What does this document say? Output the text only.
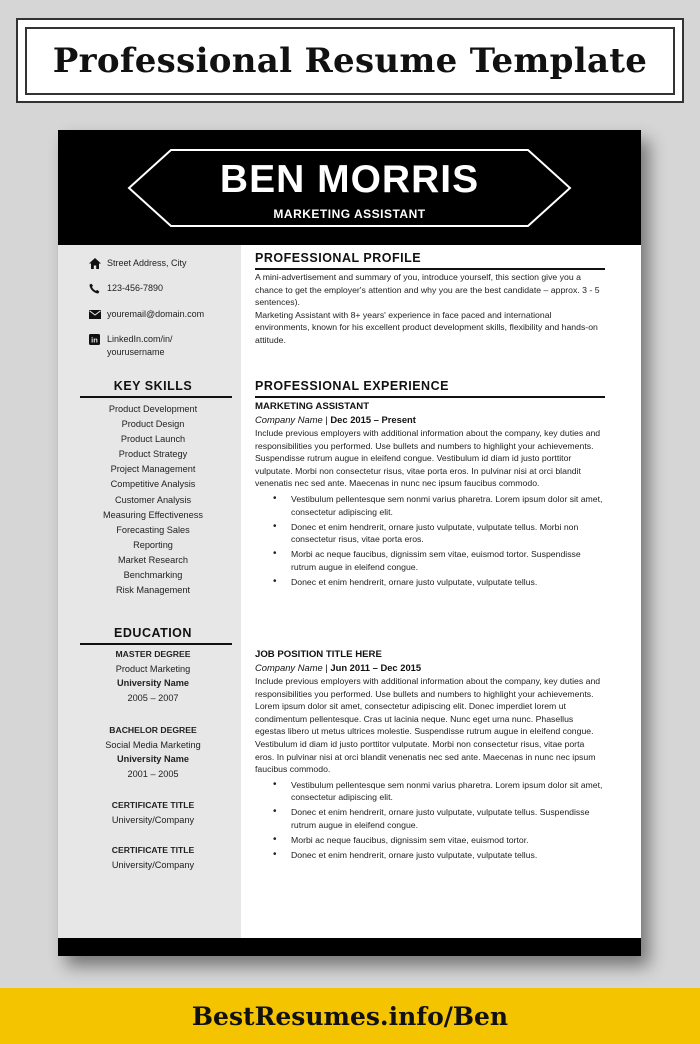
Professional Resume Template
BEN MORRIS
MARKETING ASSISTANT
Street Address, City
123-456-7890
youremail@domain.com
in LinkedIn.com/in/
yourusername
KEY SKILLS
Product Development
Product Design
Product Launch
Product Strategy
Project Management
Competitive Analysis
Customer Analysis
Measuring Effectiveness
Forecasting Sales
Reporting
Market Research
Benchmarking
Risk Management
EDUCATION
MASTER DEGREE
Product Marketing
University Name
2005 – 2007
BACHELOR DEGREE
Social Media Marketing
University Name
2001 – 2005
CERTIFICATE TITLE
University/Company
CERTIFICATE TITLE
University/Company
PROFESSIONAL PROFILE
A mini-advertisement and summary of you, introduce yourself, this section give you a chance to get the employer's attention and why you are the best candidate – approx. 3 - 5 sentences).
Marketing Assistant with 8+ years' experience in face paced and international environments, known for his excellent product development skills, flexibility and hands-on attitude.
PROFESSIONAL EXPERIENCE
MARKETING ASSISTANT
Company Name | Dec 2015 – Present
Include previous employers with additional information about the company, key duties and responsibilities you performed. Use bullets and numbers to highlight your achievements. Suspendisse rutrum augue in eleifend congue. Vestibulum id diam id justo porttitor vulputate. Morbi non consectetur risus, vitae porta eros. In pulvinar nisi at orci blandit venenatis nec sed ante. Maecenas in nunc nec ipsum faucibus commodo.
• Vestibulum pellentesque sem nonmi varius pharetra. Lorem ipsum dolor sit amet, consectetur adipiscing elit.
• Donec et enim hendrerit, ornare justo vulputate, vulputate tellus. Morbi non consectetur risus, vitae porta eros.
• Morbi ac neque faucibus, dignissim sem vitae, euismod tortor. Suspendisse rutrum augue in eleifend congue.
• Donec et enim hendrerit, ornare justo vulputate, vulputate tellus.
JOB POSITION TITLE HERE
Company Name | Jun 2011 – Dec 2015
Include previous employers with additional information about the company, key duties and responsibilities you performed. Use bullets and numbers to highlight your achievements. Lorem ipsum dolor sit amet, consectetur adipiscing elit. Donec imperdiet lorem ut condimentum pellentesque. Cras ut lacinia neque. Nunc eget urna nunc. Phasellus egestas libero ut metus ultrices molestie. Suspendisse rutrum augue in eleifend congue. Vestibulum id diam id justo porttitor vulputate. Morbi non consectetur risus, vitae porta eros. In pulvinar nisi at orci blandit venenatis nec sed ante. Maecenas in nunc nec ipsum faucibus commodo.
• Vestibulum pellentesque sem nonmi varius pharetra. Lorem ipsum dolor sit amet, consectetur adipiscing elit.
• Donec et enim hendrerit, ornare justo vulputate, vulputate tellus. Suspendisse rutrum augue in eleifend congue.
• Morbi ac neque faucibus, dignissim sem vitae, euismod tortor.
• Donec et enim hendrerit, ornare justo vulputate, vulputate tellus.
BestResumes.info/Ben
